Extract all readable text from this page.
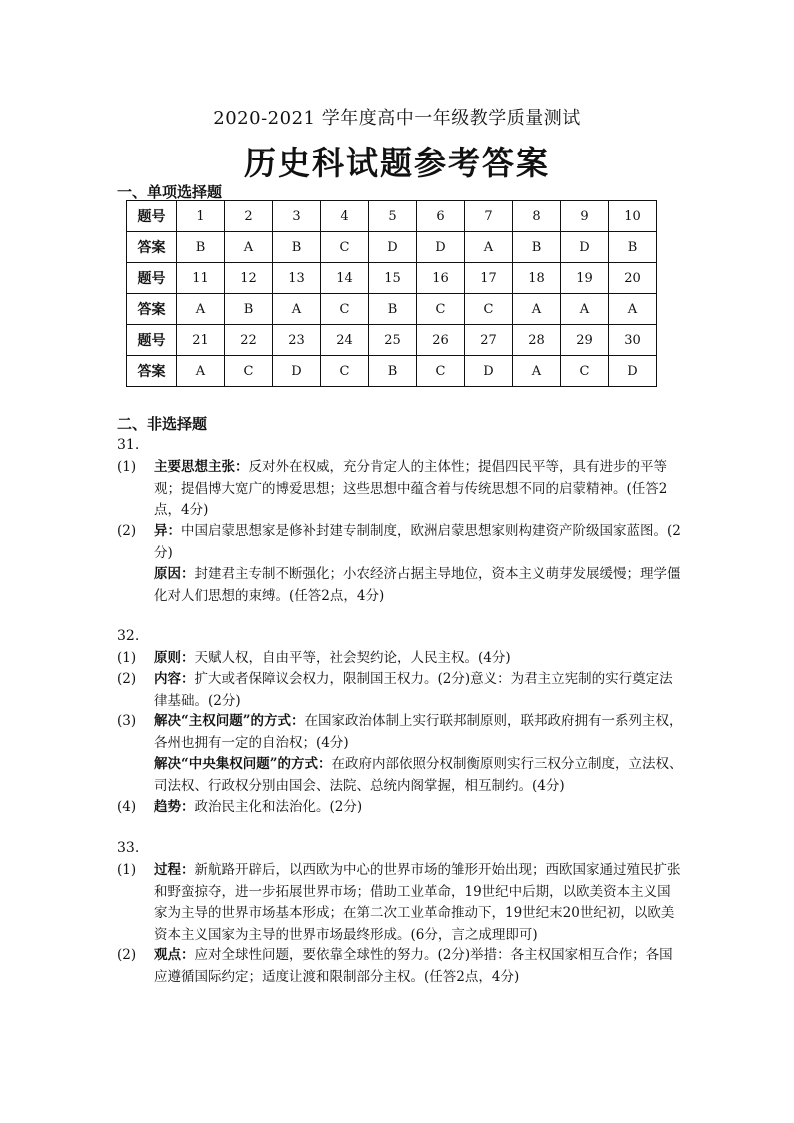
2020-2021 学年度高中一年级教学质量测试
历史科试题参考答案
一、单项选择题
题号	1	2	3	4	5	6	7	8	9	10
答案	B	A	B	C	D	D	A	B	D	B
题号	11	12	13	14	15	16	17	18	19	20
答案	A	B	A	C	B	C	C	A	A	A
题号	21	22	23	24	25	26	27	28	29	30
答案	A	C	D	C	B	C	D	A	C	D
二、非选择题
31.
(1) 主要思想主张：反对外在权威，充分肯定人的主体性；提倡四民平等，具有进步的平等观；提倡博大宽广的博爱思想；这些思想中蕴含着与传统思想不同的启蒙精神。(任答2点，4分)
(2) 异：中国启蒙思想家是修补封建专制制度，欧洲启蒙思想家则构建资产阶级国家蓝图。(2分)
原因：封建君主专制不断强化；小农经济占据主导地位，资本主义萌芽发展缓慢；理学僵化对人们思想的束缚。(任答2点，4分)
32.
(1) 原则：天赋人权，自由平等，社会契约论，人民主权。(4分)
(2) 内容：扩大或者保障议会权力，限制国王权力。(2分)意义：为君主立宪制的实行奠定法律基础。(2分)
(3) 解决“主权问题”的方式：在国家政治体制上实行联邦制原则，联邦政府拥有一系列主权，各州也拥有一定的自治权；(4分)
解决“中央集权问题”的方式：在政府内部依照分权制衡原则实行三权分立制度，立法权、司法权、行政权分别由国会、法院、总统内阁掌握，相互制约。(4分)
(4) 趋势：政治民主化和法治化。(2分)
33.
(1) 过程：新航路开辟后，以西欧为中心的世界市场的雏形开始出现；西欧国家通过殖民扩张和野蛮掠夺，进一步拓展世界市场；借助工业革命，19世纪中后期，以欧美资本主义国家为主导的世界市场基本形成；在第二次工业革命推动下，19世纪末20世纪初，以欧美资本主义国家为主导的世界市场最终形成。(6分，言之成理即可)
(2) 观点：应对全球性问题，要依靠全球性的努力。(2分)举措：各主权国家相互合作；各国应遵循国际约定；适度让渡和限制部分主权。(任答2点，4分)
